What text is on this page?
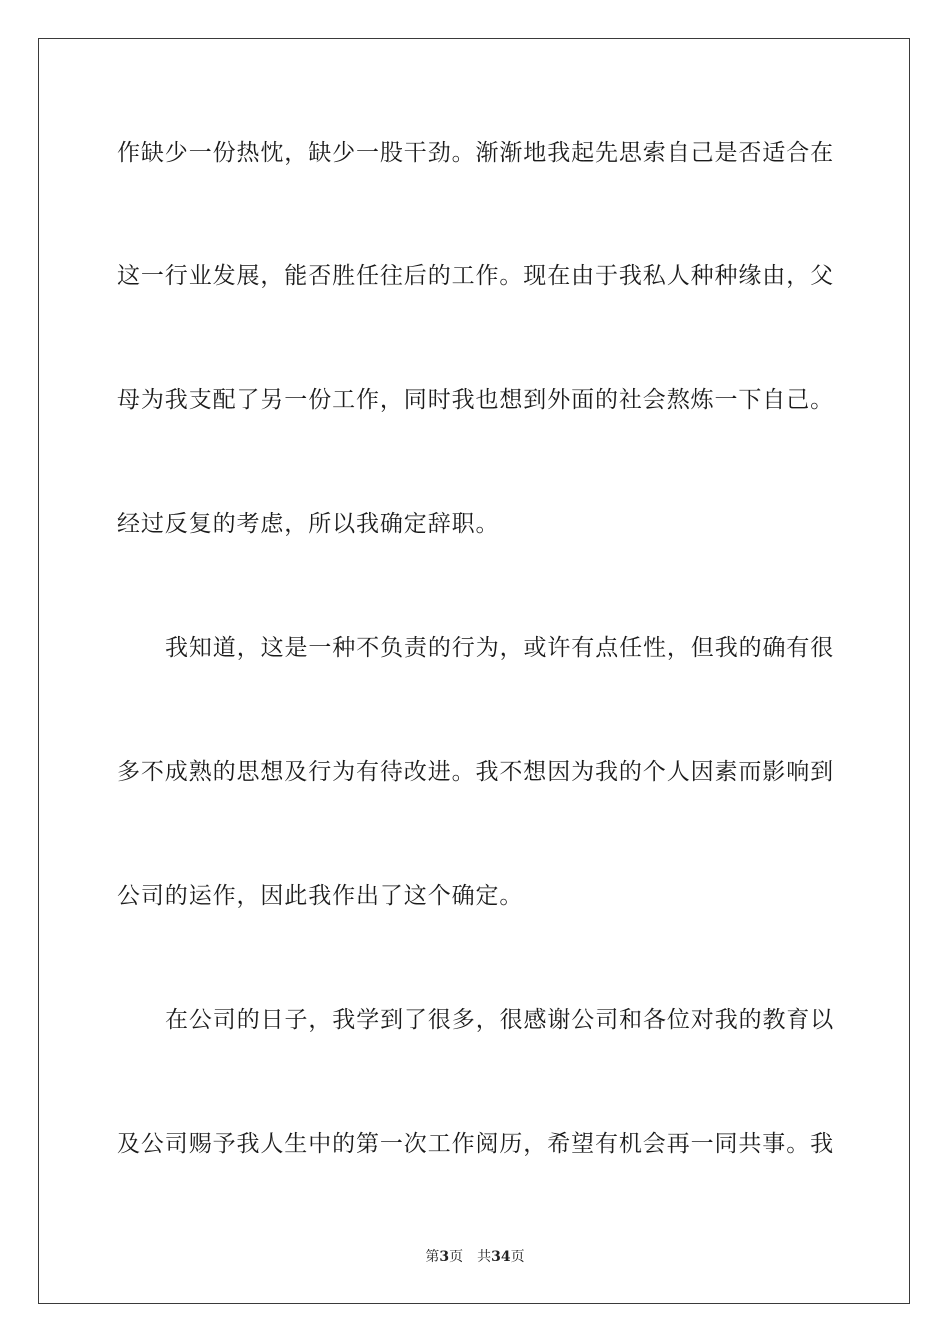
作缺少一份热忱，缺少一股干劲。渐渐地我起先思索自己是否适合在
这一行业发展，能否胜任往后的工作。现在由于我私人种种缘由，父
母为我支配了另一份工作，同时我也想到外面的社会熬炼一下自己。
经过反复的考虑，所以我确定辞职。
我知道，这是一种不负责的行为，或许有点任性，但我的确有很
多不成熟的思想及行为有待改进。我不想因为我的个人因素而影响到
公司的运作，因此我作出了这个确定。
在公司的日子，我学到了很多，很感谢公司和各位对我的教育以
及公司赐予我人生中的第一次工作阅历，希望有机会再一同共事。我
第3页 共34页
